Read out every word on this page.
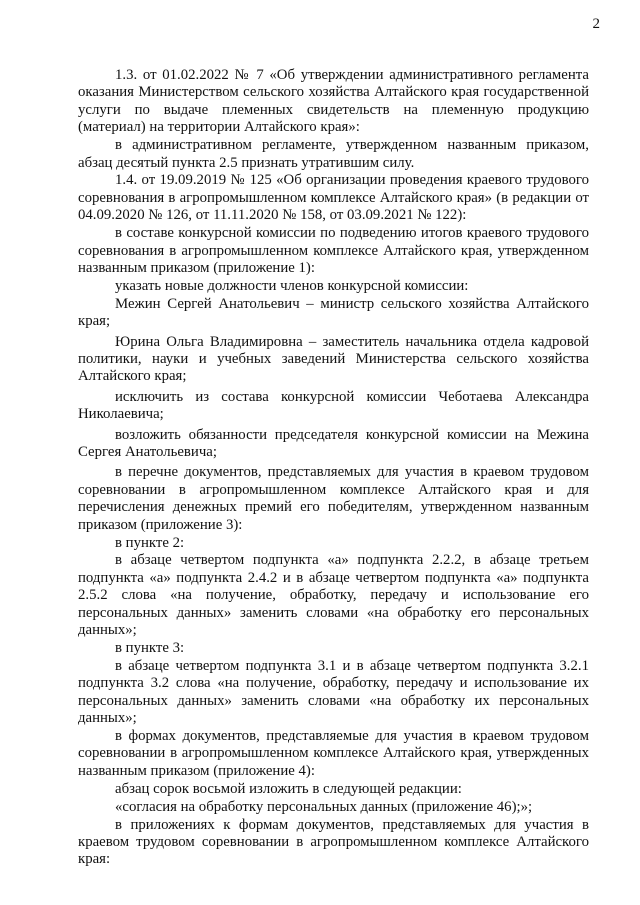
2

1.3. от 01.02.2022 № 7 «Об утверждении административного регламента оказания Министерством сельского хозяйства Алтайского края государственной услуги по выдаче племенных свидетельств на племенную продукцию (материал) на территории Алтайского края»:

в административном регламенте, утвержденном названным приказом, абзац десятый пункта 2.5 признать утратившим силу.

1.4. от 19.09.2019 № 125 «Об организации проведения краевого трудового соревнования в агропромышленном комплексе Алтайского края» (в редакции от 04.09.2020 № 126, от 11.11.2020 № 158, от 03.09.2021 № 122):

в составе конкурсной комиссии по подведению итогов краевого трудового соревнования в агропромышленном комплексе Алтайского края, утвержденном названным приказом (приложение 1):

указать новые должности членов конкурсной комиссии:

Межин Сергей Анатольевич – министр сельского хозяйства Алтайского края;

Юрина Ольга Владимировна – заместитель начальника отдела кадровой политики, науки и учебных заведений Министерства сельского хозяйства Алтайского края;

исключить из состава конкурсной комиссии Чеботаева Александра Николаевича;

возложить обязанности председателя конкурсной комиссии на Межина Сергея Анатольевича;

в перечне документов, представляемых для участия в краевом трудовом соревновании в агропромышленном комплексе Алтайского края и для перечисления денежных премий его победителям, утвержденном названным приказом (приложение 3):

в пункте 2:

в абзаце четвертом подпункта «а» подпункта 2.2.2, в абзаце третьем подпункта «а» подпункта 2.4.2 и в абзаце четвертом подпункта «а» подпункта 2.5.2 слова «на получение, обработку, передачу и использование его персональных данных» заменить словами «на обработку его персональных данных»;

в пункте 3:

в абзаце четвертом подпункта 3.1 и в абзаце четвертом подпункта 3.2.1 подпункта 3.2 слова «на получение, обработку, передачу и использование их персональных данных» заменить словами «на обработку их персональных данных»;

в формах документов, представляемые для участия в краевом трудовом соревновании в агропромышленном комплексе Алтайского края, утвержденных названным приказом (приложение 4):

абзац сорок восьмой изложить в следующей редакции:

«согласия на обработку персональных данных (приложение 46);»;

в приложениях к формам документов, представляемых для участия в краевом трудовом соревновании в агропромышленном комплексе Алтайского края:
